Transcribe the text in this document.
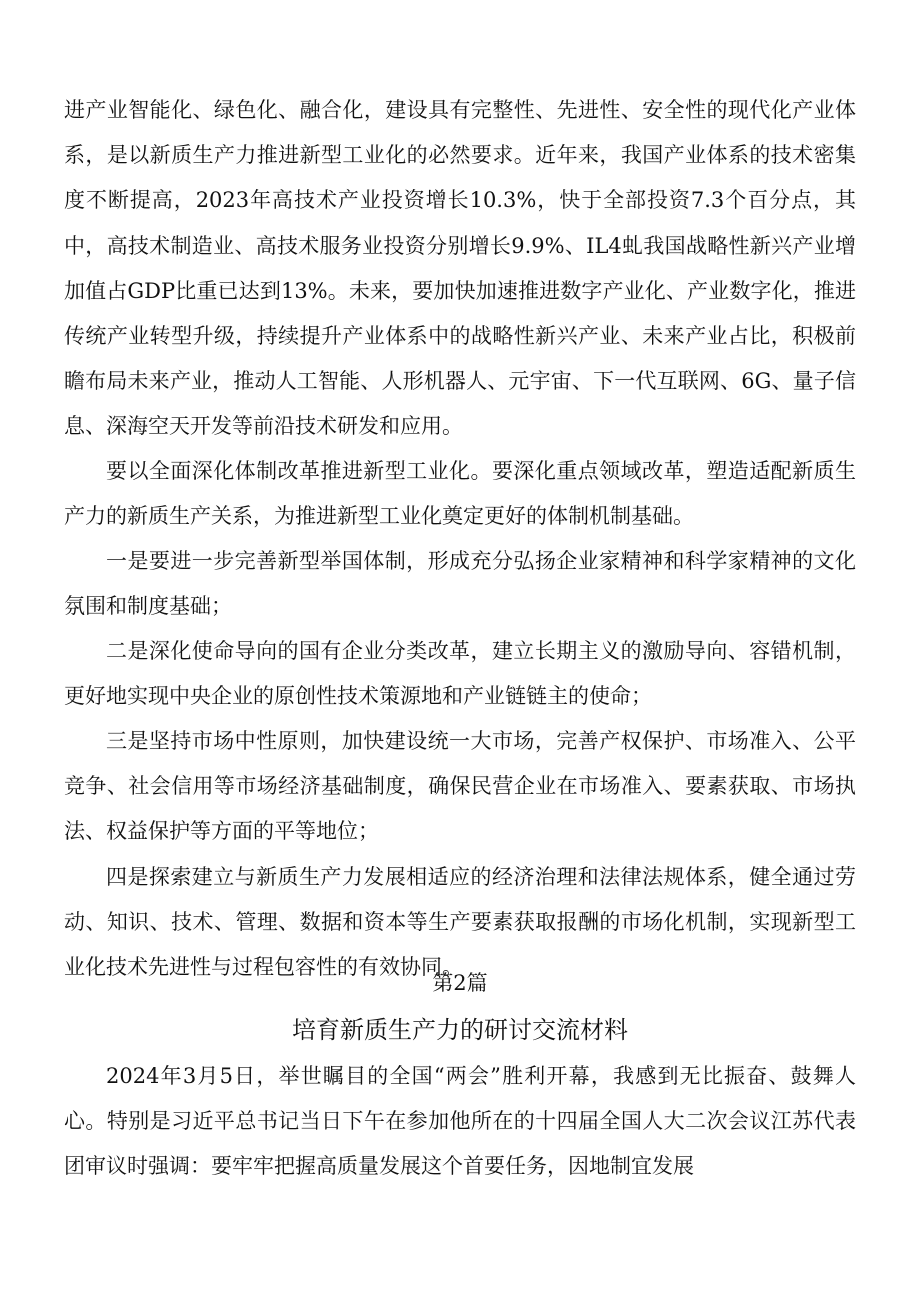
进产业智能化、绿色化、融合化，建设具有完整性、先进性、安全性的现代化产业体系，是以新质生产力推进新型工业化的必然要求。近年来，我国产业体系的技术密集度不断提高，2023年高技术产业投资增长10.3%，快于全部投资7.3个百分点，其中，高技术制造业、高技术服务业投资分别增长9.9%、IL4虬我国战略性新兴产业增加值占GDP比重已达到13%。未来，要加快加速推进数字产业化、产业数字化，推进传统产业转型升级，持续提升产业体系中的战略性新兴产业、未来产业占比，积极前瞻布局未来产业，推动人工智能、人形机器人、元宇宙、下一代互联网、6G、量子信息、深海空天开发等前沿技术研发和应用。

要以全面深化体制改革推进新型工业化。要深化重点领域改革，塑造适配新质生产力的新质生产关系，为推进新型工业化奠定更好的体制机制基础。

一是要进一步完善新型举国体制，形成充分弘扬企业家精神和科学家精神的文化氛围和制度基础；

二是深化使命导向的国有企业分类改革，建立长期主义的激励导向、容错机制，更好地实现中央企业的原创性技术策源地和产业链链主的使命；

三是坚持市场中性原则，加快建设统一大市场，完善产权保护、市场准入、公平竞争、社会信用等市场经济基础制度，确保民营企业在市场准入、要素获取、市场执法、权益保护等方面的平等地位；

四是探索建立与新质生产力发展相适应的经济治理和法律法规体系，健全通过劳动、知识、技术、管理、数据和资本等生产要素获取报酬的市场化机制，实现新型工业化技术先进性与过程包容性的有效协同。

第2篇

培育新质生产力的研讨交流材料

2024年3月5日，举世瞩目的全国“两会”胜利开幕，我感到无比振奋、鼓舞人心。特别是习近平总书记当日下午在参加他所在的十四届全国人大二次会议江苏代表团审议时强调：要牢牢把握高质量发展这个首要任务，因地制宜发展
